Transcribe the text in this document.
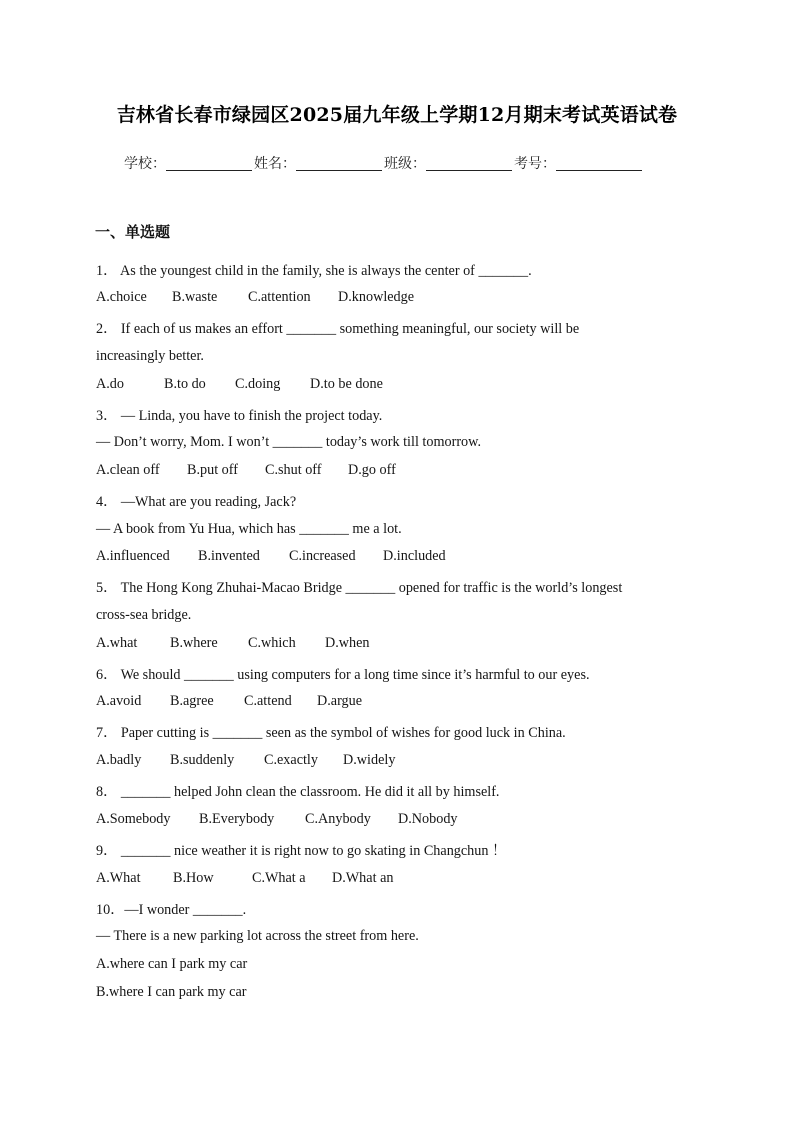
吉林省长春市绿园区2025届九年级上学期12月期末考试英语试卷
学校：	姓名：	班级：	考号：
一、单选题
1． As the youngest child in the family, she is always the center of _______.
A.choice B.waste C.attention D.knowledge
2． If each of us makes an effort _______ something meaningful, our society will be
increasingly better.
A.do	B.to do C.doing D.to be done
3． — Linda, you have to finish the project today.
— Don’t worry, Mom. I won’t _______ today’s work till tomorrow.
A.clean off B.put off C.shut off D.go off
4． —What are you reading, Jack?
— A book from Yu Hua, which has _______ me a lot.
A.influenced B.invented C.increased D.included
5． The Hong Kong Zhuhai-Macao Bridge _______ opened for traffic is the world’s longest
cross-sea bridge.
A.what B.where C.which D.when
6． We should _______ using computers for a long time since it’s harmful to our eyes.
A.avoid B.agree C.attend D.argue
7． Paper cutting is _______ seen as the symbol of wishes for good luck in China.
A.badly B.suddenly C.exactly D.widely
8． _______ helped John clean the classroom. He did it all by himself.
A.Somebody B.Everybody C.Anybody D.Nobody
9． _______ nice weather it is right now to go skating in Changchun ！
A.What B.How	C.What a D.What an
10．—I wonder _______.
— There is a new parking lot across the street from here.
A.where can I park my car
B.where I can park my car
